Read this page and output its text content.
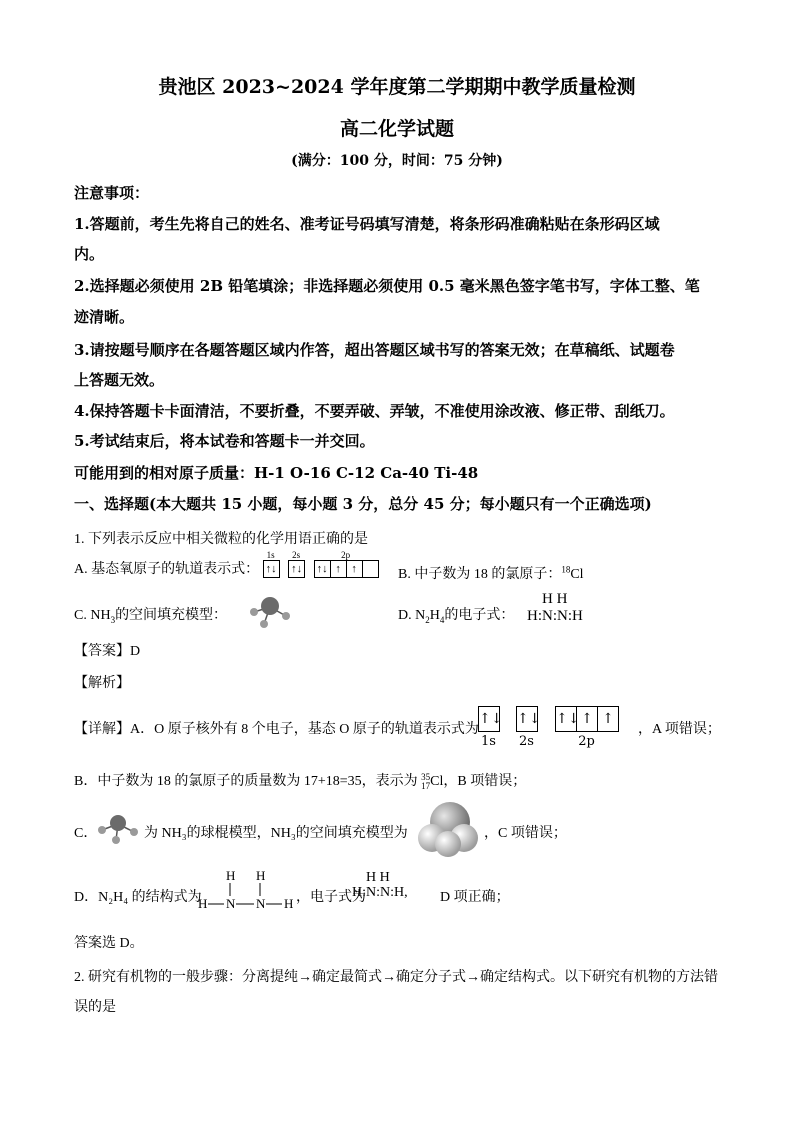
贵池区 2023~2024 学年度第二学期期中教学质量检测
高二化学试题
(满分：100 分，时间：75 分钟)
注意事项：
1.答题前，考生先将自己的姓名、准考证号码填写清楚，将条形码准确粘贴在条形码区域
内。
2.选择题必须使用 2B 铅笔填涂；非选择题必须使用 0.5 毫米黑色签字笔书写，字体工整、笔
迹清晰。
3.请按题号顺序在各题答题区域内作答，超出答题区域书写的答案无效；在草稿纸、试题卷
上答题无效。
4.保持答题卡卡面清洁，不要折叠，不要弄破、弄皱，不准使用涂改液、修正带、刮纸刀。
5.考试结束后，将本试卷和答题卡一并交回。
可能用到的相对原子质量：H-1 O-16 C-12 Ca-40 Ti-48
一、选择题(本大题共 15 小题，每小题 3 分，总分 45 分；每小题只有一个正确选项)
1. 下列表示反应中相关微粒的化学用语正确的是
A. 基态氧原子的轨道表示式：
1s
↑↓
2s
↑↓
2p
↑↓ ↑ ↑	B. 中子数为 18 的氯原子：$^{18}$Cl
C. $NH_3$的空间填充模型：	D. $N_2H_4$的电子式：
H H
H:N:N:H
【答案】D
【解析】
【详解】A．O 原子核外有 8 个电子，基态 O 原子的轨道表示式为
↑↓
1s
↑↓
2s
↑↓ ↑ ↑
2p
，A 项错误；
B．中子数为 18 的氯原子的质量数为 17+18=35，表示为 35
17 Cl，B 项错误；
C．	为 NH₃的球棍模型，NH₃的空间填充模型为	，C 项错误；
D．N₂H₄ 的结构式为
H H
H N N H ，电子式为
H H
H:N:N:H, D 项正确；
答案选 D。
2. 研究有机物的一般步骤：分离提纯→确定最简式→确定分子式→确定结构式。以下研究有机物的方法错
误的是
